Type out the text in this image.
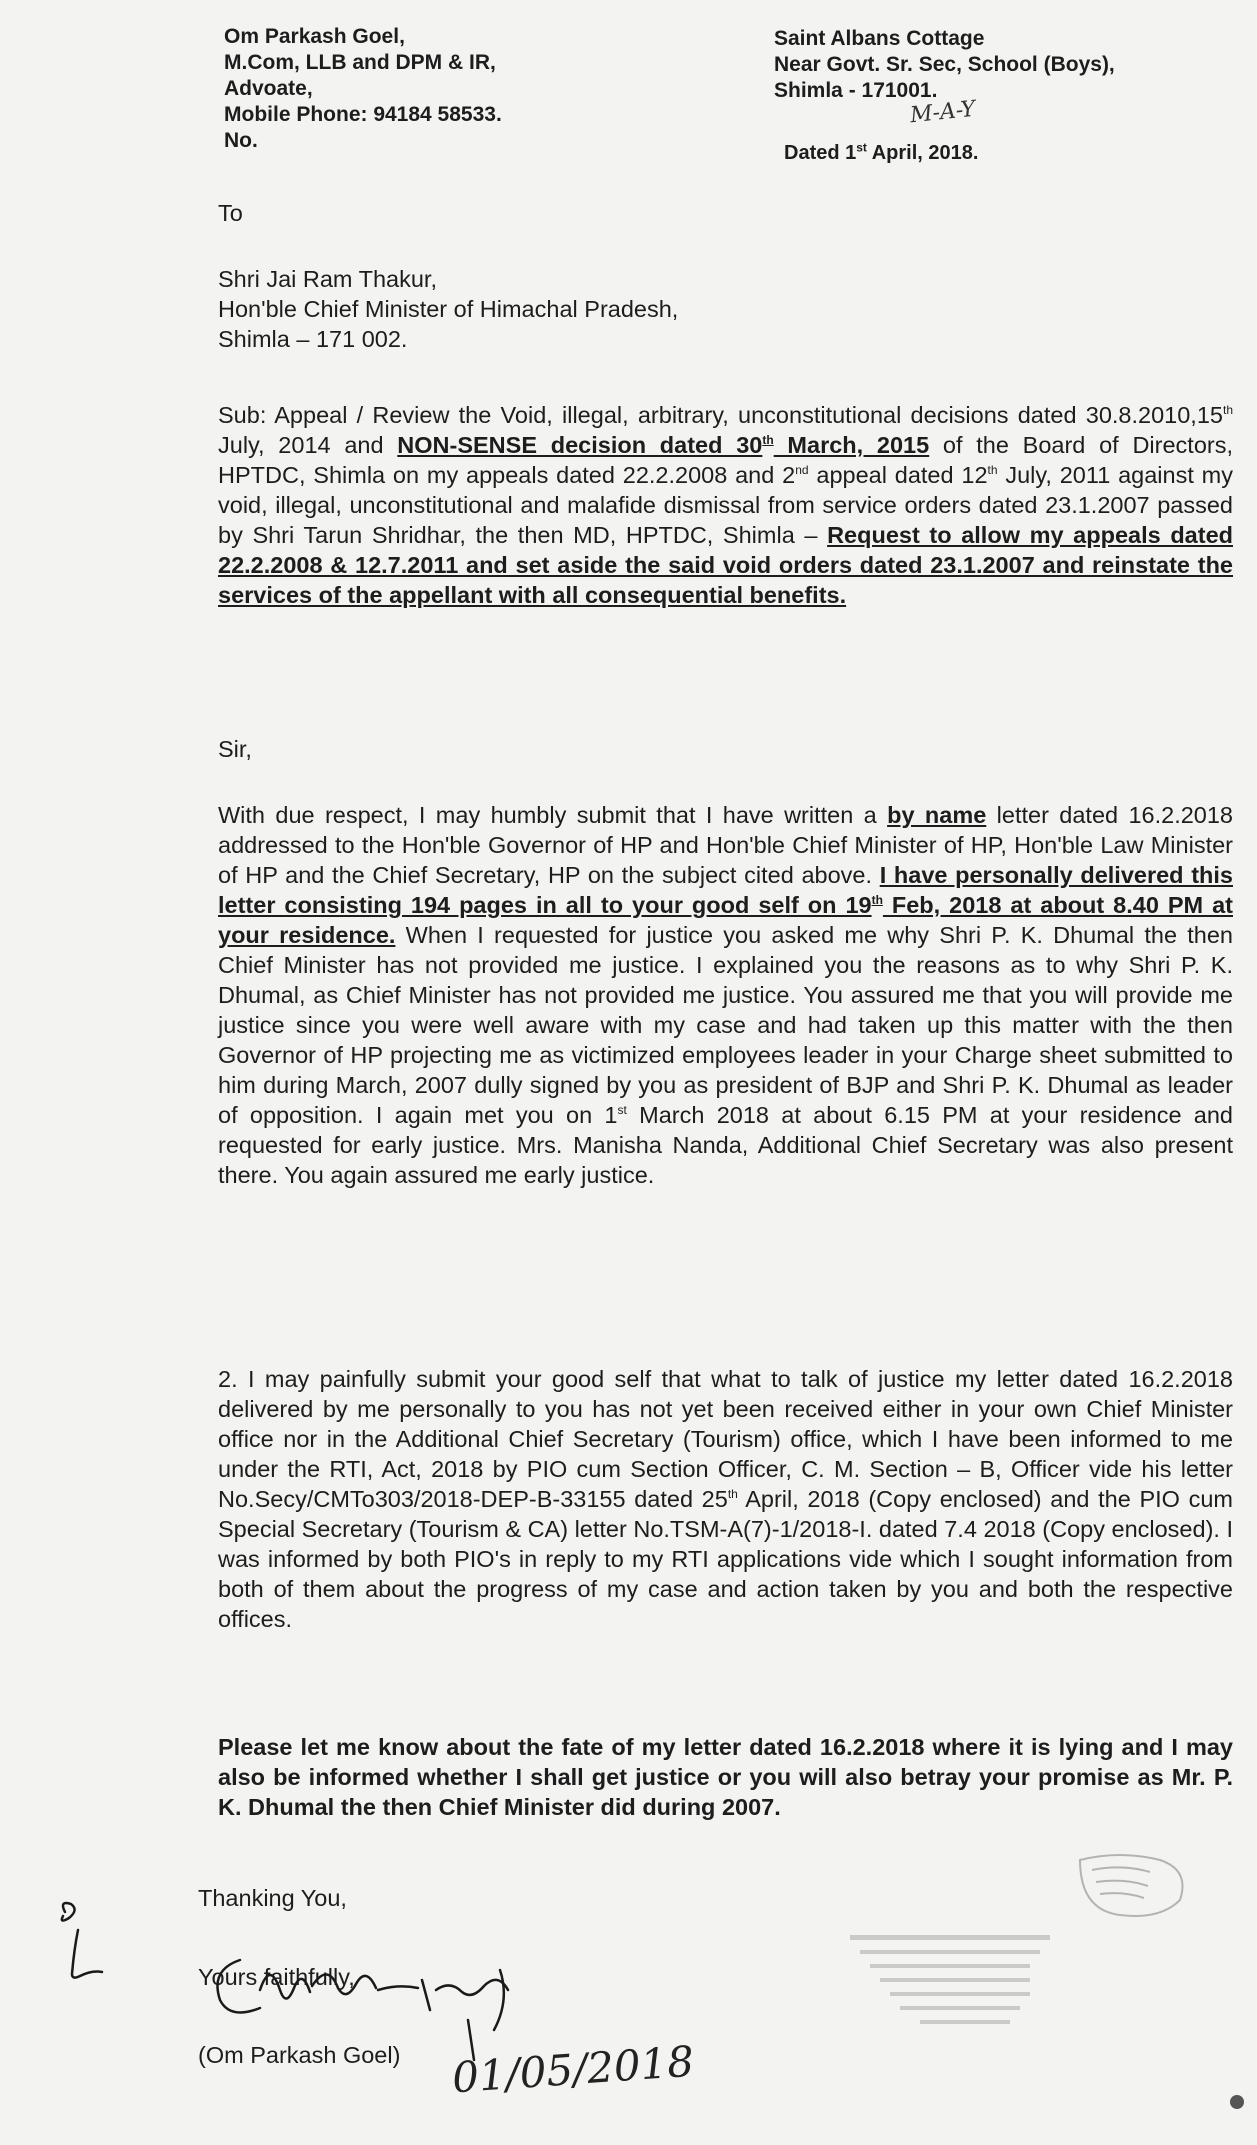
Om Parkash Goel,
M.Com, LLB and DPM & IR,
Advoate,
Mobile Phone: 94184 58533.
No.
Saint Albans Cottage
Near Govt. Sr. Sec, School (Boys),
Shimla - 171001.
M-A-Y
Dated 1st April, 2018.
To
Shri Jai Ram Thakur,
Hon'ble Chief Minister of Himachal Pradesh,
Shimla – 171 002.
Sub: Appeal / Review the Void, illegal, arbitrary, unconstitutional decisions dated 30.8.2010,15th July, 2014 and NON-SENSE decision dated 30th March, 2015 of the Board of Directors, HPTDC, Shimla on my appeals dated 22.2.2008 and 2nd appeal dated 12th July, 2011 against my void, illegal, unconstitutional and malafide dismissal from service orders dated 23.1.2007 passed by Shri Tarun Shridhar, the then MD, HPTDC, Shimla – Request to allow my appeals dated 22.2.2008 & 12.7.2011 and set aside the said void orders dated 23.1.2007 and reinstate the services of the appellant with all consequential benefits.
Sir,
With due respect, I may humbly submit that I have written a by name letter dated 16.2.2018 addressed to the Hon'ble Governor of HP and Hon'ble Chief Minister of HP, Hon'ble Law Minister of HP and the Chief Secretary, HP on the subject cited above. I have personally delivered this letter consisting 194 pages in all to your good self on 19th Feb, 2018 at about 8.40 PM at your residence. When I requested for justice you asked me why Shri P. K. Dhumal the then Chief Minister has not provided me justice. I explained you the reasons as to why Shri P. K. Dhumal, as Chief Minister has not provided me justice. You assured me that you will provide me justice since you were well aware with my case and had taken up this matter with the then Governor of HP projecting me as victimized employees leader in your Charge sheet submitted to him during March, 2007 dully signed by you as president of BJP and Shri P. K. Dhumal as leader of opposition. I again met you on 1st March 2018 at about 6.15 PM at your residence and requested for early justice. Mrs. Manisha Nanda, Additional Chief Secretary was also present there. You again assured me early justice.
2. I may painfully submit your good self that what to talk of justice my letter dated 16.2.2018 delivered by me personally to you has not yet been received either in your own Chief Minister office nor in the Additional Chief Secretary (Tourism) office, which I have been informed to me under the RTI, Act, 2018 by PIO cum Section Officer, C. M. Section – B, Officer vide his letter No.Secy/CMTo303/2018-DEP-B-33155 dated 25th April, 2018 (Copy enclosed) and the PIO cum Special Secretary (Tourism & CA) letter No.TSM-A(7)-1/2018-I. dated 7.4 2018 (Copy enclosed). I was informed by both PIO's in reply to my RTI applications vide which I sought information from both of them about the progress of my case and action taken by you and both the respective offices.
Please let me know about the fate of my letter dated 16.2.2018 where it is lying and I may also be informed whether I shall get justice or you will also betray your promise as Mr. P. K. Dhumal the then Chief Minister did during 2007.
Thanking You,
Yours faithfully,
(Om Parkash Goel) 01/05/2018
